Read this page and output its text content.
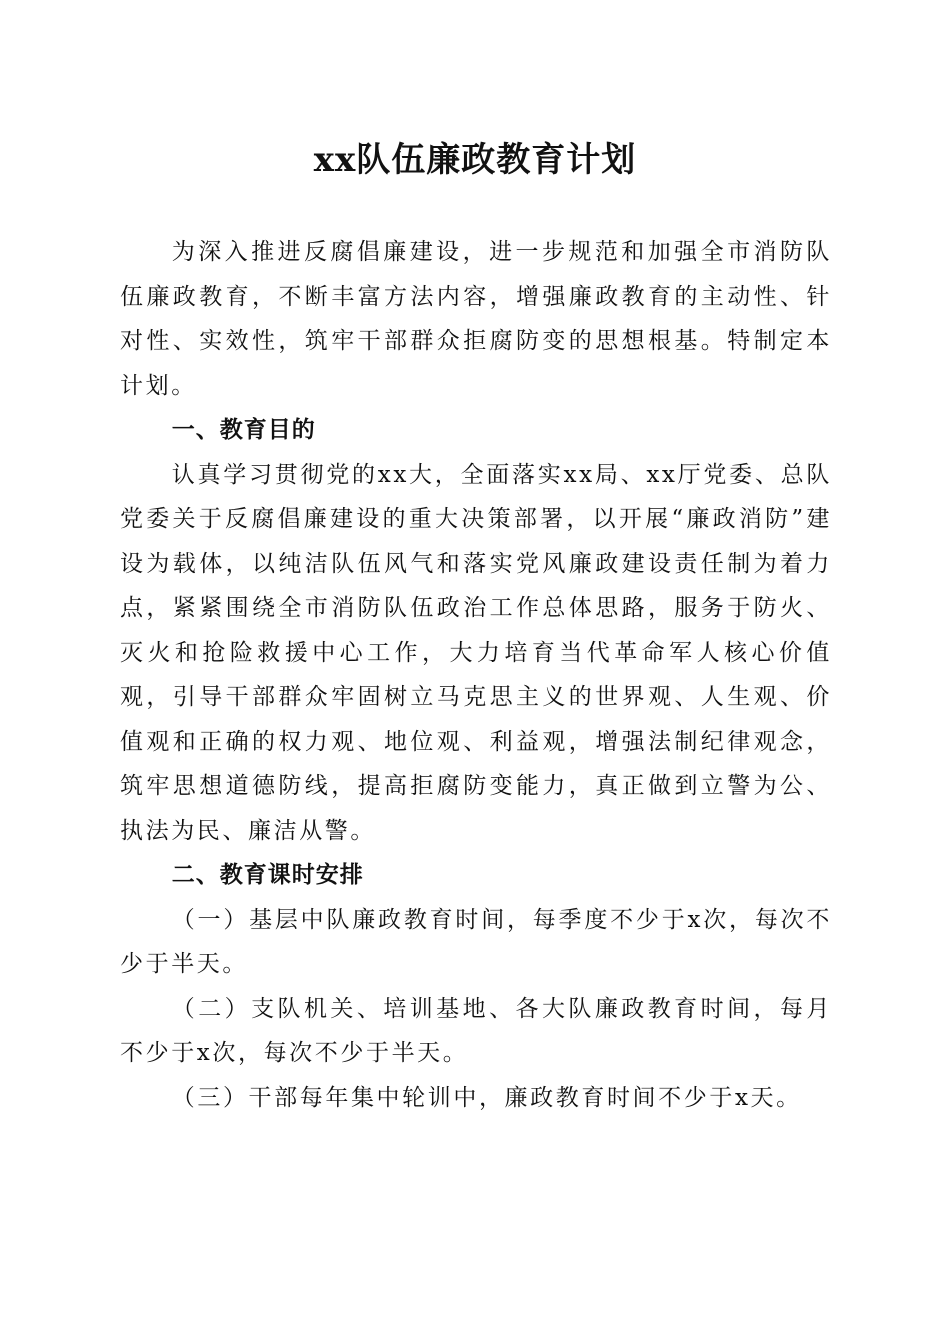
xx队伍廉政教育计划

为深入推进反腐倡廉建设，进一步规范和加强全市消防队伍廉政教育，不断丰富方法内容，增强廉政教育的主动性、针对性、实效性，筑牢干部群众拒腐防变的思想根基。特制定本计划。

一、教育目的

认真学习贯彻党的xx大，全面落实xx局、xx厅党委、总队党委关于反腐倡廉建设的重大决策部署，以开展“廉政消防”建设为载体，以纯洁队伍风气和落实党风廉政建设责任制为着力点，紧紧围绕全市消防队伍政治工作总体思路，服务于防火、灭火和抢险救援中心工作，大力培育当代革命军人核心价值观，引导干部群众牢固树立马克思主义的世界观、人生观、价值观和正确的权力观、地位观、利益观，增强法制纪律观念，筑牢思想道德防线，提高拒腐防变能力，真正做到立警为公、执法为民、廉洁从警。

二、教育课时安排

（一）基层中队廉政教育时间，每季度不少于x次，每次不少于半天。

（二）支队机关、培训基地、各大队廉政教育时间，每月不少于x次，每次不少于半天。

（三）干部每年集中轮训中，廉政教育时间不少于x天。
